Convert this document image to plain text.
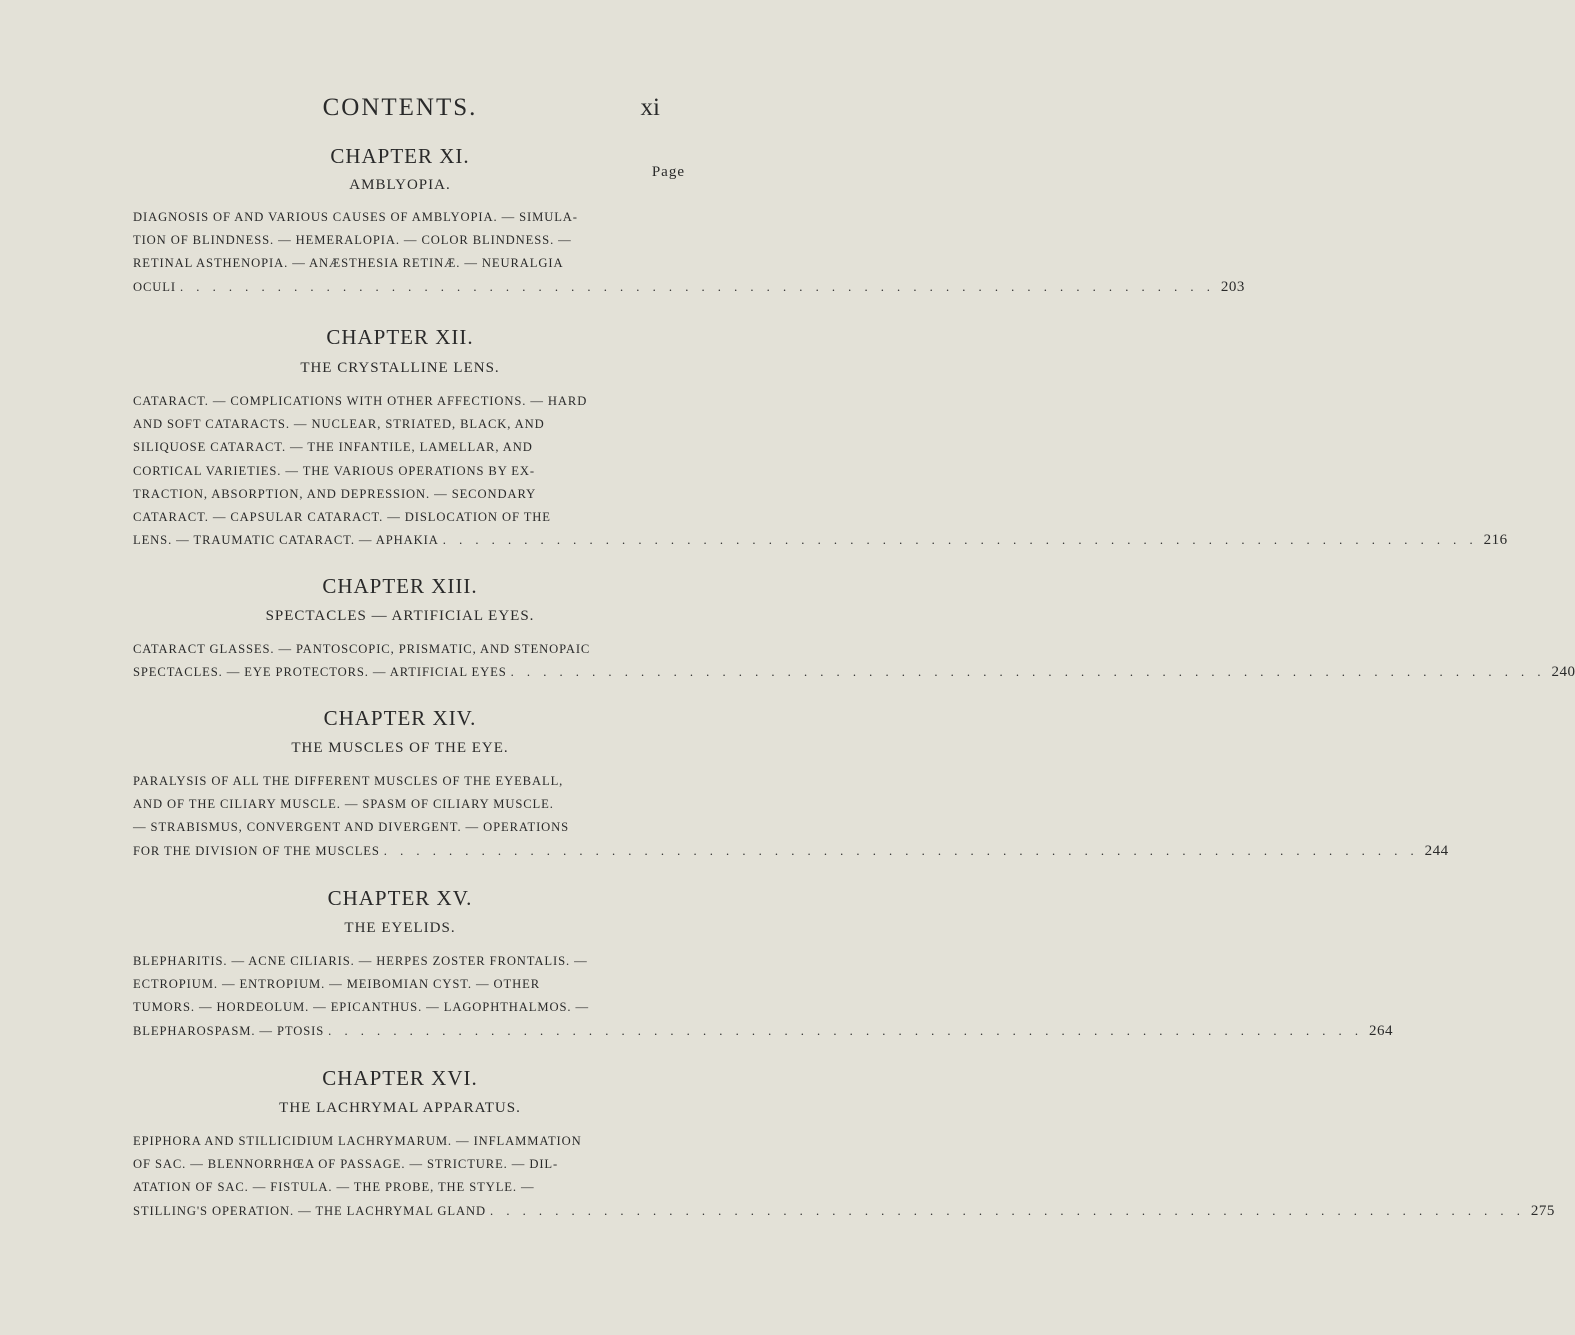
CONTENTS.	xi
CHAPTER XI.
Page
AMBLYOPIA.
DIAGNOSIS OF AND VARIOUS CAUSES OF AMBLYOPIA. — SIMULA-
TION OF BLINDNESS. — HEMERALOPIA. — COLOR BLINDNESS. —
RETINAL ASTHENOPIA. — ANÆSTHESIA RETINÆ. — NEURALGIA
OCULI . . . . . . . . . . . . . . . . . . . . . . . . . . . . . . . . . . . . . . . . . . . . . . . . . . . . . . . . . . . . . . . . 203
CHAPTER XII.
THE CRYSTALLINE LENS.
CATARACT. — COMPLICATIONS WITH OTHER AFFECTIONS. — HARD
AND SOFT CATARACTS. — NUCLEAR, STRIATED, BLACK, AND
SILIQUOSE CATARACT. — THE INFANTILE, LAMELLAR, AND
CORTICAL VARIETIES. — THE VARIOUS OPERATIONS BY EX-
TRACTION, ABSORPTION, AND DEPRESSION. — SECONDARY
CATARACT. — CAPSULAR CATARACT. — DISLOCATION OF THE
LENS. — TRAUMATIC CATARACT. — APHAKIA . . . . . . . . . . . . . . . . . . . . . . . . . . . . . . . . . . . . . . . . . . . . . . . . . . . . . . . . . . . . . . . . 216
CHAPTER XIII.
SPECTACLES — ARTIFICIAL EYES.
CATARACT GLASSES. — PANTOSCOPIC, PRISMATIC, AND STENOPAIC
SPECTACLES. — EYE PROTECTORS. — ARTIFICIAL EYES . . . . . . . . . . . . . . . . . . . . . . . . . . . . . . . . . . . . . . . . . . . . . . . . . . . . . . . . . . . . . . . . 240
CHAPTER XIV.
THE MUSCLES OF THE EYE.
PARALYSIS OF ALL THE DIFFERENT MUSCLES OF THE EYEBALL,
AND OF THE CILIARY MUSCLE. — SPASM OF CILIARY MUSCLE.
— STRABISMUS, CONVERGENT AND DIVERGENT. — OPERATIONS
FOR THE DIVISION OF THE MUSCLES . . . . . . . . . . . . . . . . . . . . . . . . . . . . . . . . . . . . . . . . . . . . . . . . . . . . . . . . . . . . . . . . 244
CHAPTER XV.
THE EYELIDS.
BLEPHARITIS. — ACNE CILIARIS. — HERPES ZOSTER FRONTALIS. —
ECTROPIUM. — ENTROPIUM. — MEIBOMIAN CYST. — OTHER
TUMORS. — HORDEOLUM. — EPICANTHUS. — LAGOPHTHALMOS. —
BLEPHAROSPASM. — PTOSIS . . . . . . . . . . . . . . . . . . . . . . . . . . . . . . . . . . . . . . . . . . . . . . . . . . . . . . . . . . . . . . . . 264
CHAPTER XVI.
THE LACHRYMAL APPARATUS.
EPIPHORA AND STILLICIDIUM LACHRYMARUM. — INFLAMMATION
OF SAC. — BLENNORRHŒA OF PASSAGE. — STRICTURE. — DIL-
ATATION OF SAC. — FISTULA. — THE PROBE, THE STYLE. —
STILLING'S OPERATION. — THE LACHRYMAL GLAND . . . . . . . . . . . . . . . . . . . . . . . . . . . . . . . . . . . . . . . . . . . . . . . . . . . . . . . . . . . . . . . . 275
